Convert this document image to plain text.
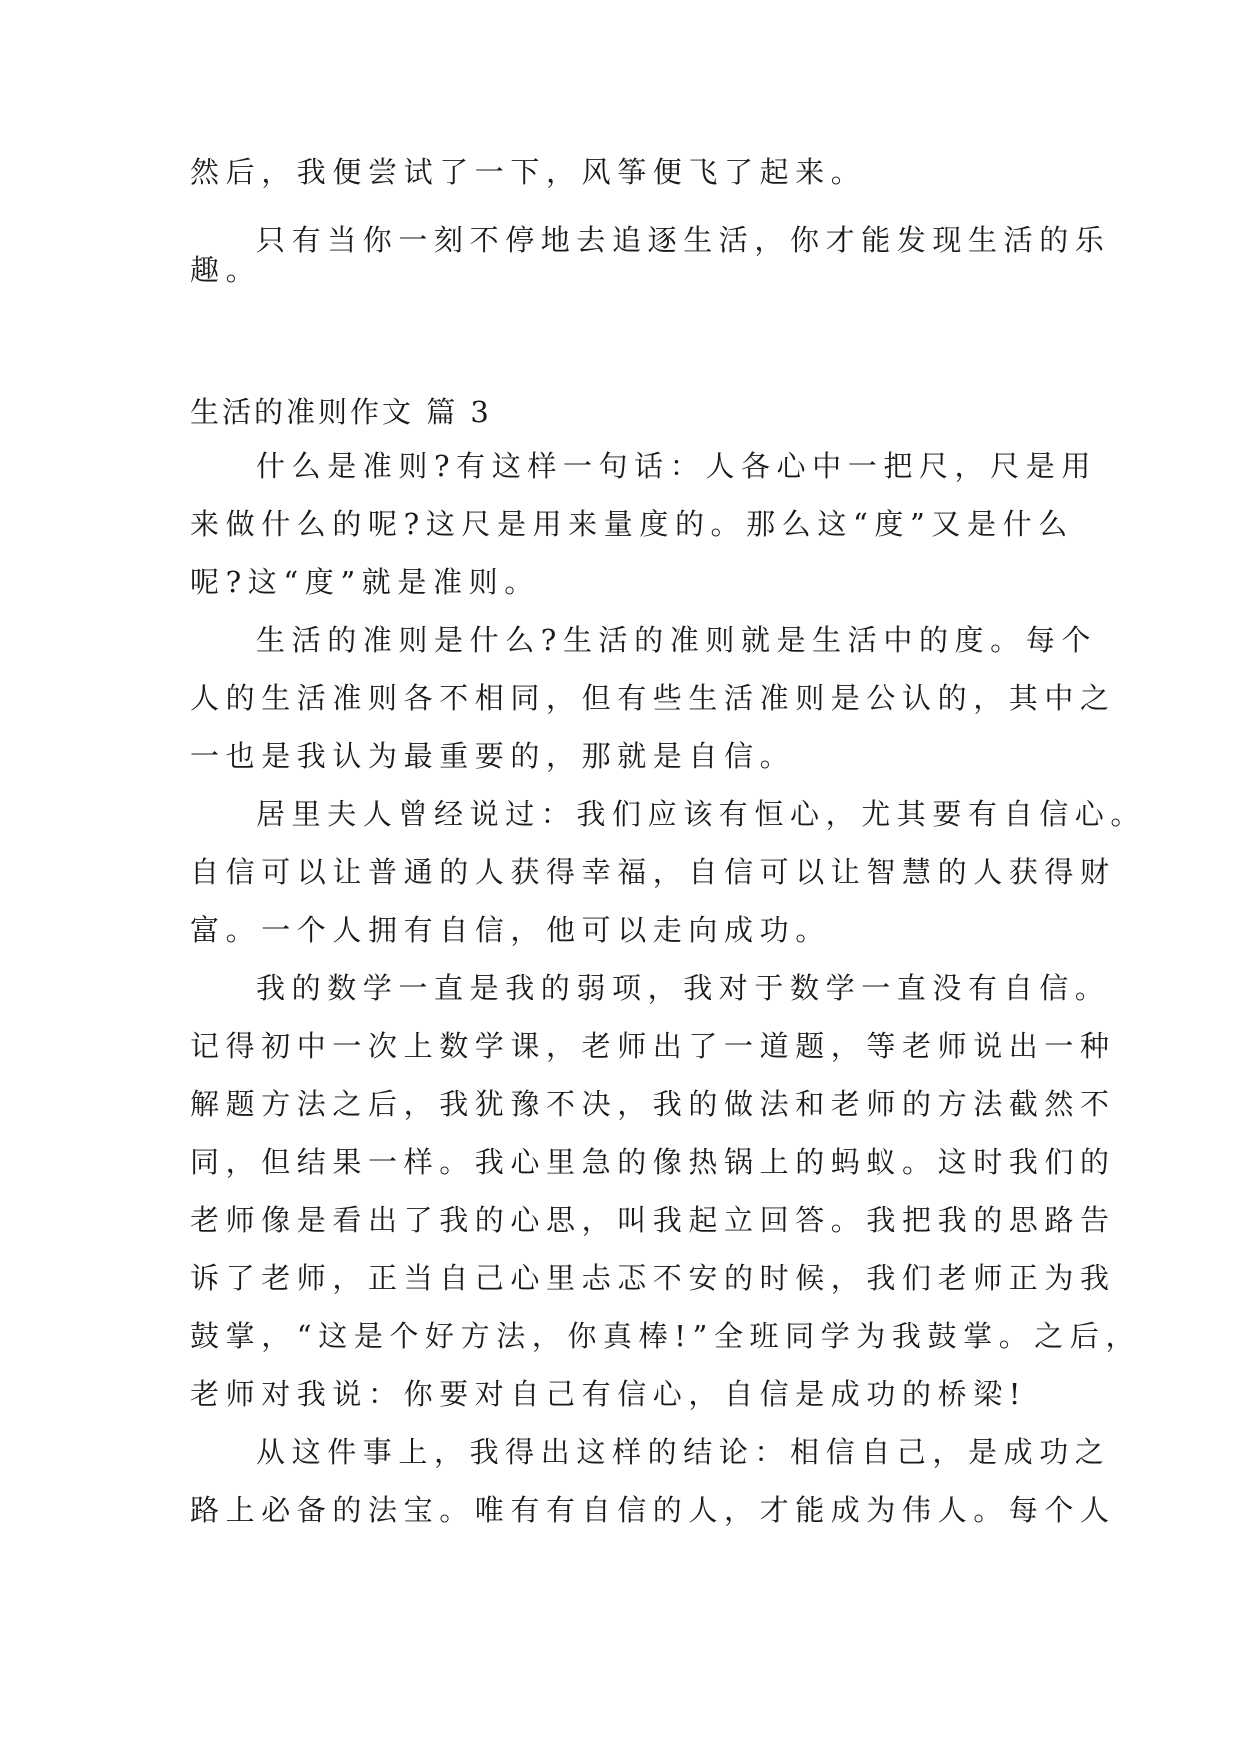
然后，我便尝试了一下，风筝便飞了起来。

只有当你一刻不停地去追逐生活，你才能发现生活的乐

趣。

生活的准则作文 篇 3

什么是准则?有这样一句话：人各心中一把尺，尺是用

来做什么的呢?这尺是用来量度的。那么这“度”又是什么

呢?这“度”就是准则。

生活的准则是什么?生活的准则就是生活中的度。每个

人的生活准则各不相同，但有些生活准则是公认的，其中之

一也是我认为最重要的，那就是自信。

居里夫人曾经说过：我们应该有恒心，尤其要有自信心。

自信可以让普通的人获得幸福，自信可以让智慧的人获得财

富。一个人拥有自信，他可以走向成功。

我的数学一直是我的弱项，我对于数学一直没有自信。

记得初中一次上数学课，老师出了一道题，等老师说出一种

解题方法之后，我犹豫不决，我的做法和老师的方法截然不

同，但结果一样。我心里急的像热锅上的蚂蚁。这时我们的

老师像是看出了我的心思，叫我起立回答。我把我的思路告

诉了老师，正当自己心里忐忑不安的时候，我们老师正为我

鼓掌，“这是个好方法，你真棒!”全班同学为我鼓掌。之后，

老师对我说：你要对自己有信心，自信是成功的桥梁!

从这件事上，我得出这样的结论：相信自己，是成功之

路上必备的法宝。唯有有自信的人，才能成为伟人。每个人
